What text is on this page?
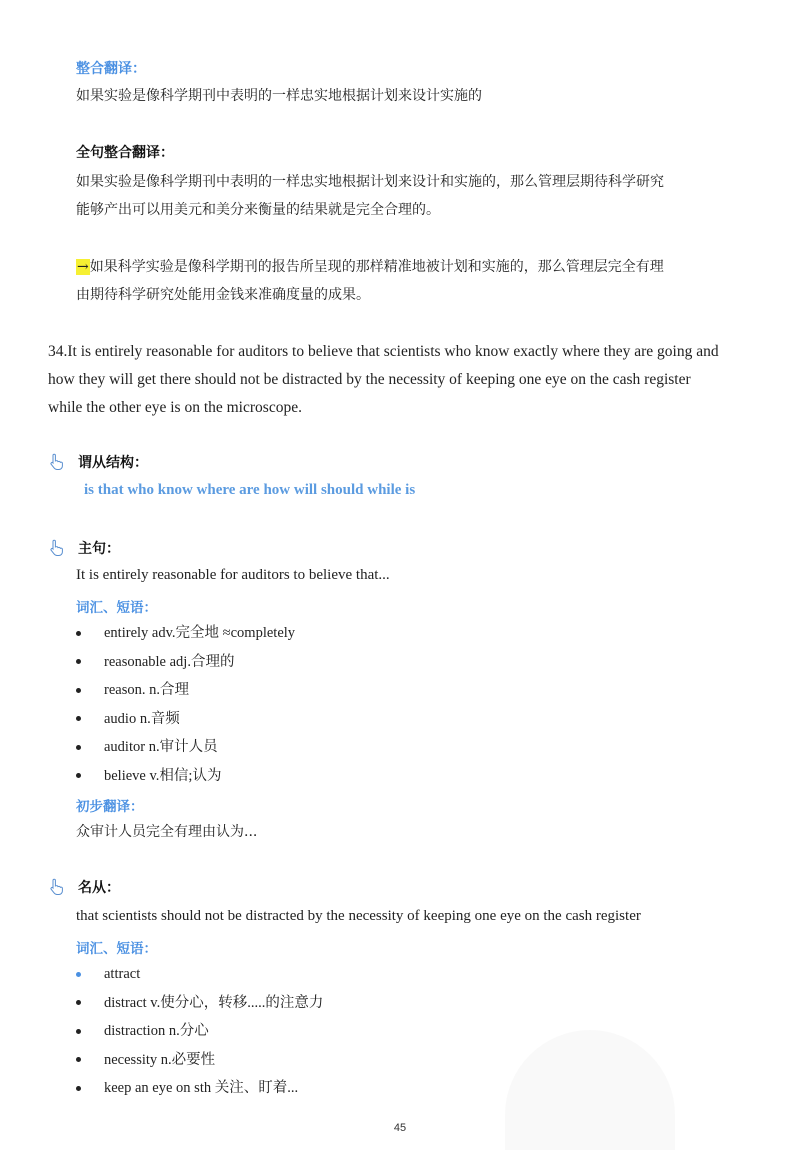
整合翻译：
如果实验是像科学期刊中表明的一样忠实地根据计划来设计实施的
全句整合翻译：
如果实验是像科学期刊中表明的一样忠实地根据计划来设计和实施的，那么管理层期待科学研究
能够产出可以用美元和美分来衡量的结果就是完全合理的。
→如果科学实验是像科学期刊的报告所呈现的那样精准地被计划和实施的，那么管理层完全有理
由期待科学研究处能用金钱来准确度量的成果。
34.It is entirely reasonable for auditors to believe that scientists who know exactly where they are going and
how they will get there should not be distracted by the necessity of keeping one eye on the cash register
while the other eye is on the microscope.
谓从结构：
is that who know where are how will should while is
主句：
It is entirely reasonable for auditors to believe that...
词汇、短语：
entirely adv.完全地 ≈completely
reasonable adj.合理的
reason. n.合理
audio n.音频
auditor n.审计人员
believe v.相信;认为
初步翻译：
众审计人员完全有理由认为...
名从：
that scientists should not be distracted by the necessity of keeping one eye on the cash register
词汇、短语：
attract
distract v.使分心，转移.....的注意力
distraction n.分心
necessity n.必要性
keep an eye on sth 关注、盯着...
45
